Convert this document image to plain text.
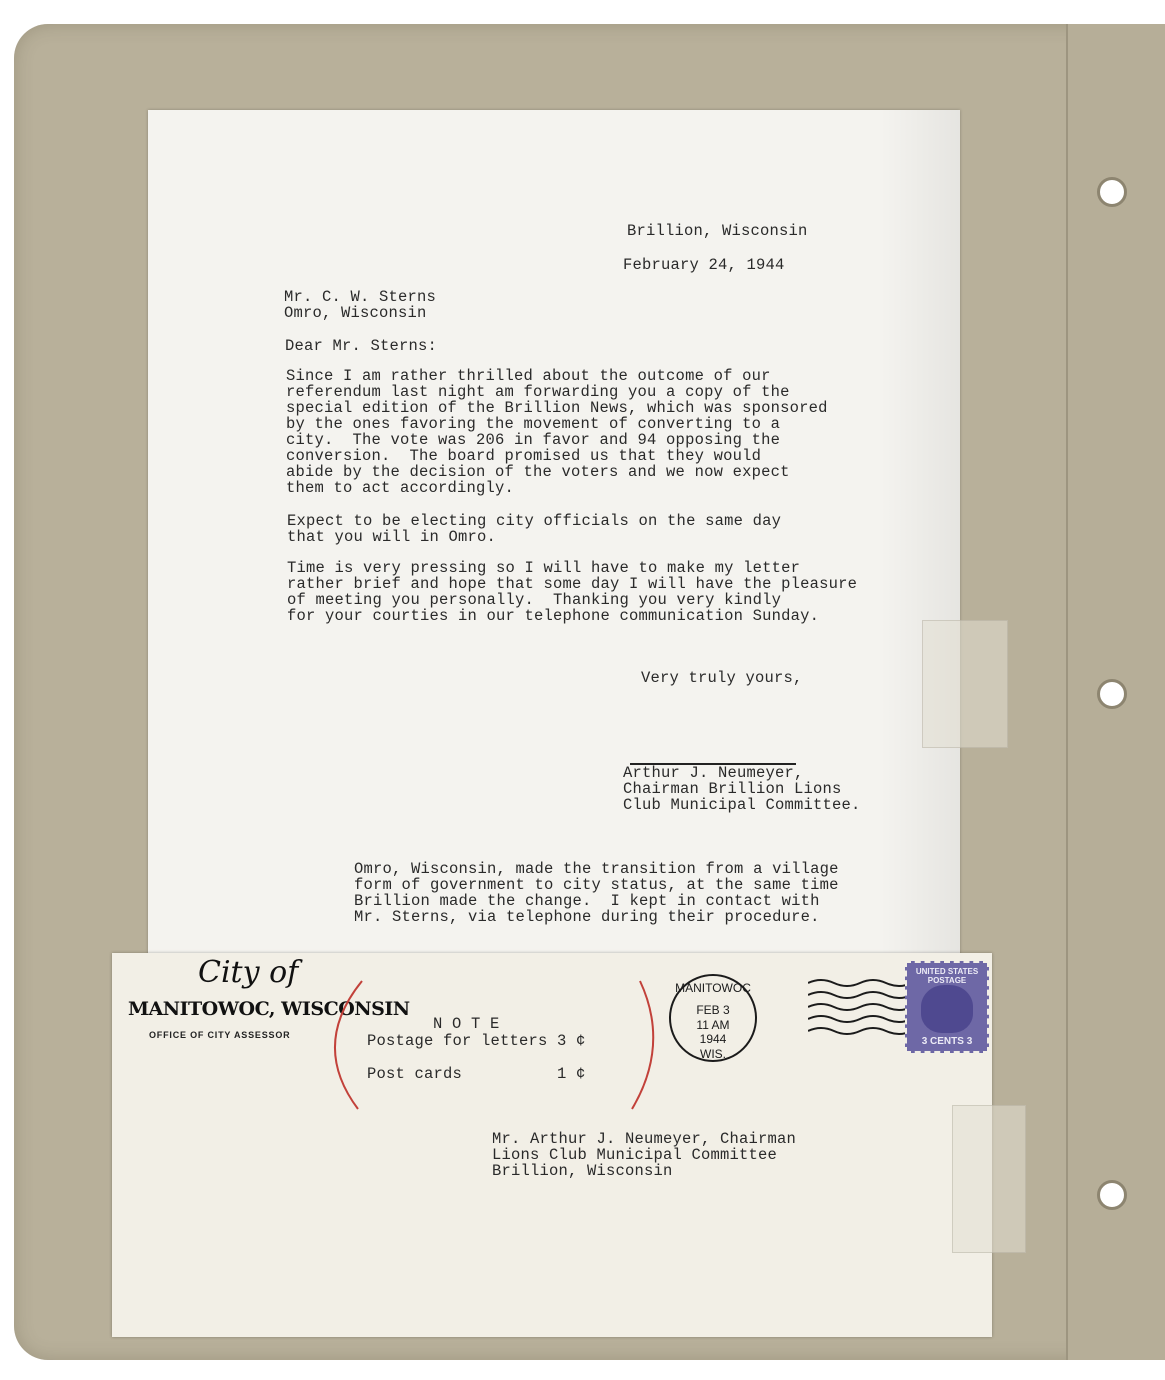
Brillion, Wisconsin
February 24, 1944
Mr. C. W. Sterns
Omro, Wisconsin
Dear Mr. Sterns:
Since I am rather thrilled about the outcome of our
referendum last night am forwarding you a copy of the
special edition of the Brillion News, which was sponsored
by the ones favoring the movement of converting to a
city.  The vote was 206 in favor and 94 opposing the
conversion.  The board promised us that they would
abide by the decision of the voters and we now expect
them to act accordingly.
Expect to be electing city officials on the same day
that you will in Omro.
Time is very pressing so I will have to make my letter
rather brief and hope that some day I will have the pleasure
of meeting you personally.  Thanking you very kindly
for your courties in our telephone communication Sunday.
Very truly yours,
Arthur J. Neumeyer,
Chairman Brillion Lions
Club Municipal Committee.
Omro, Wisconsin, made the transition from a village
form of government to city status, at the same time
Brillion made the change.  I kept in contact with
Mr. Sterns, via telephone during their procedure.
City of
MANITOWOC, WISCONSIN
OFFICE OF CITY ASSESSOR
N O T E
Postage for letters 3 ¢
Post cards          1 ¢
MANITOWOC
FEB 3
11 AM
1944
WIS.
UNITED STATES POSTAGE
3 CENTS 3
Mr. Arthur J. Neumeyer, Chairman
Lions Club Municipal Committee
Brillion, Wisconsin
